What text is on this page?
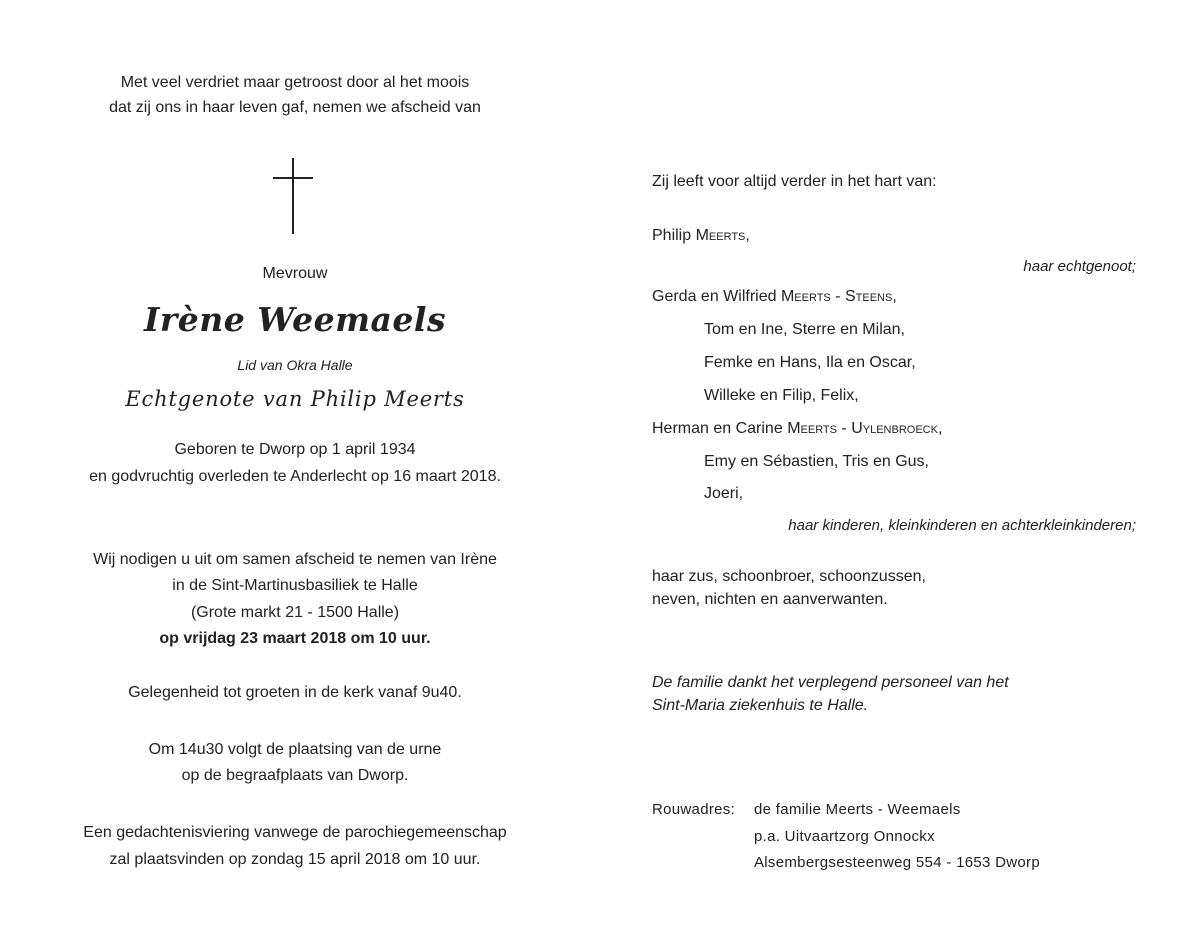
Met veel verdriet maar getroost door al het moois
dat zij ons in haar leven gaf, nemen we afscheid van
Mevrouw
Irène Weemaels
Lid van Okra Halle
Echtgenote van Philip Meerts
Geboren te Dworp op 1 april 1934
en godvruchtig overleden te Anderlecht op 16 maart 2018.
Wij nodigen u uit om samen afscheid te nemen van Irène
in de Sint-Martinusbasiliek te Halle
(Grote markt 21 - 1500 Halle)
op vrijdag 23 maart 2018 om 10 uur.
Gelegenheid tot groeten in de kerk vanaf 9u40.
Om 14u30 volgt de plaatsing van de urne
op de begraafplaats van Dworp.
Een gedachtenisviering vanwege de parochiegemeenschap
zal plaatsvinden op zondag 15 april 2018 om 10 uur.
Zij leeft voor altijd verder in het hart van:
Philip Meerts,
haar echtgenoot;
Gerda en Wilfried Meerts - Steens,
Tom en Ine, Sterre en Milan,
Femke en Hans, Ila en Oscar,
Willeke en Filip, Felix,
Herman en Carine Meerts - Uylenbroeck,
Emy en Sébastien, Tris en Gus,
Joeri,
haar kinderen, kleinkinderen en achterkleinkinderen;
haar zus, schoonbroer, schoonzussen,
neven, nichten en aanverwanten.
De familie dankt het verplegend personeel van het
Sint-Maria ziekenhuis te Halle.
Rouwadres: de familie Meerts - Weemaels
p.a. Uitvaartzorg Onnockx
Alsembergsesteenweg 554 - 1653 Dworp
